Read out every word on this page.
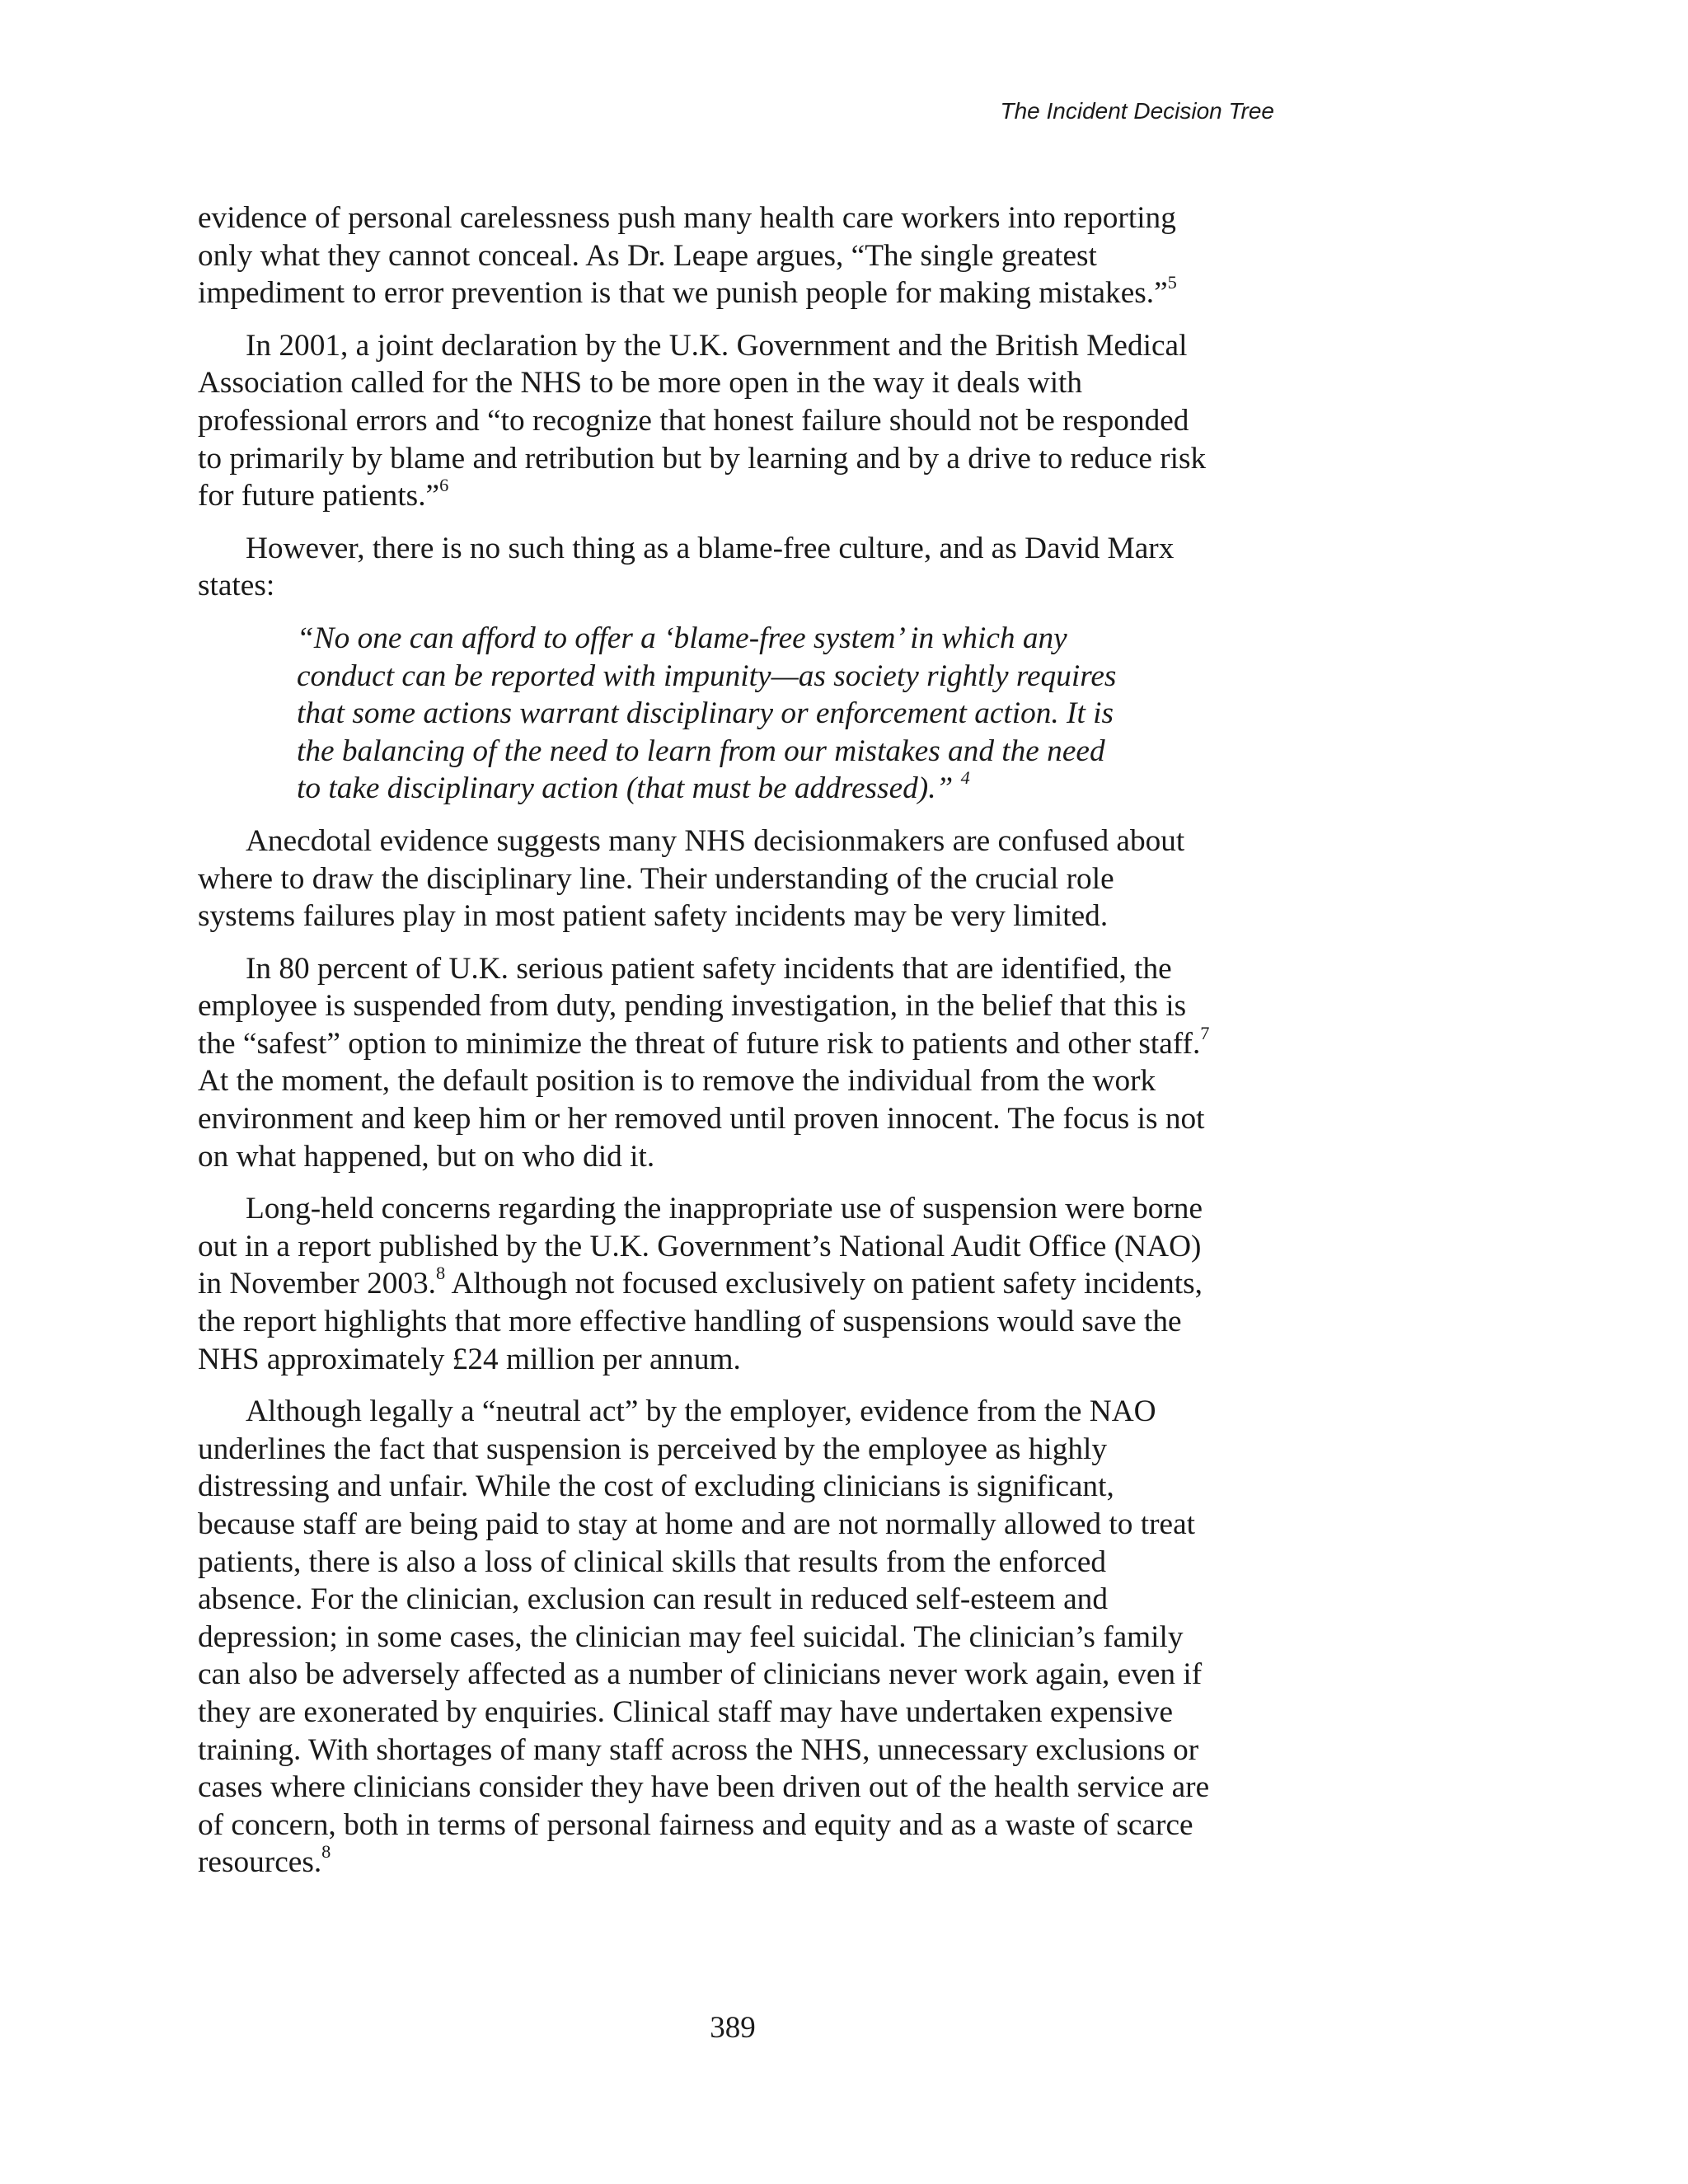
The Incident Decision Tree

evidence of personal carelessness push many health care workers into reporting
only what they cannot conceal. As Dr. Leape argues, “The single greatest
impediment to error prevention is that we punish people for making mistakes.”$^5$

In 2001, a joint declaration by the U.K. Government and the British Medical
Association called for the NHS to be more open in the way it deals with
professional errors and “to recognize that honest failure should not be responded
to primarily by blame and retribution but by learning and by a drive to reduce risk
for future patients.”$^6$

However, there is no such thing as a blame-free culture, and as David Marx
states:

“No one can afford to offer a ‘blame-free system’ in which any
conduct can be reported with impunity—as society rightly requires
that some actions warrant disciplinary or enforcement action. It is
the balancing of the need to learn from our mistakes and the need
to take disciplinary action (that must be addressed).” $^4$

Anecdotal evidence suggests many NHS decisionmakers are confused about
where to draw the disciplinary line. Their understanding of the crucial role
systems failures play in most patient safety incidents may be very limited.

In 80 percent of U.K. serious patient safety incidents that are identified, the
employee is suspended from duty, pending investigation, in the belief that this is
the “safest” option to minimize the threat of future risk to patients and other staff.$^7$
At the moment, the default position is to remove the individual from the work
environment and keep him or her removed until proven innocent. The focus is not
on what happened, but on who did it.

Long-held concerns regarding the inappropriate use of suspension were borne
out in a report published by the U.K. Government’s National Audit Office (NAO)
in November 2003.$^8$ Although not focused exclusively on patient safety incidents,
the report highlights that more effective handling of suspensions would save the
NHS approximately £24 million per annum.

Although legally a “neutral act” by the employer, evidence from the NAO
underlines the fact that suspension is perceived by the employee as highly
distressing and unfair. While the cost of excluding clinicians is significant,
because staff are being paid to stay at home and are not normally allowed to treat
patients, there is also a loss of clinical skills that results from the enforced
absence. For the clinician, exclusion can result in reduced self-esteem and
depression; in some cases, the clinician may feel suicidal. The clinician’s family
can also be adversely affected as a number of clinicians never work again, even if
they are exonerated by enquiries. Clinical staff may have undertaken expensive
training. With shortages of many staff across the NHS, unnecessary exclusions or
cases where clinicians consider they have been driven out of the health service are
of concern, both in terms of personal fairness and equity and as a waste of scarce
resources.$^8$

389
